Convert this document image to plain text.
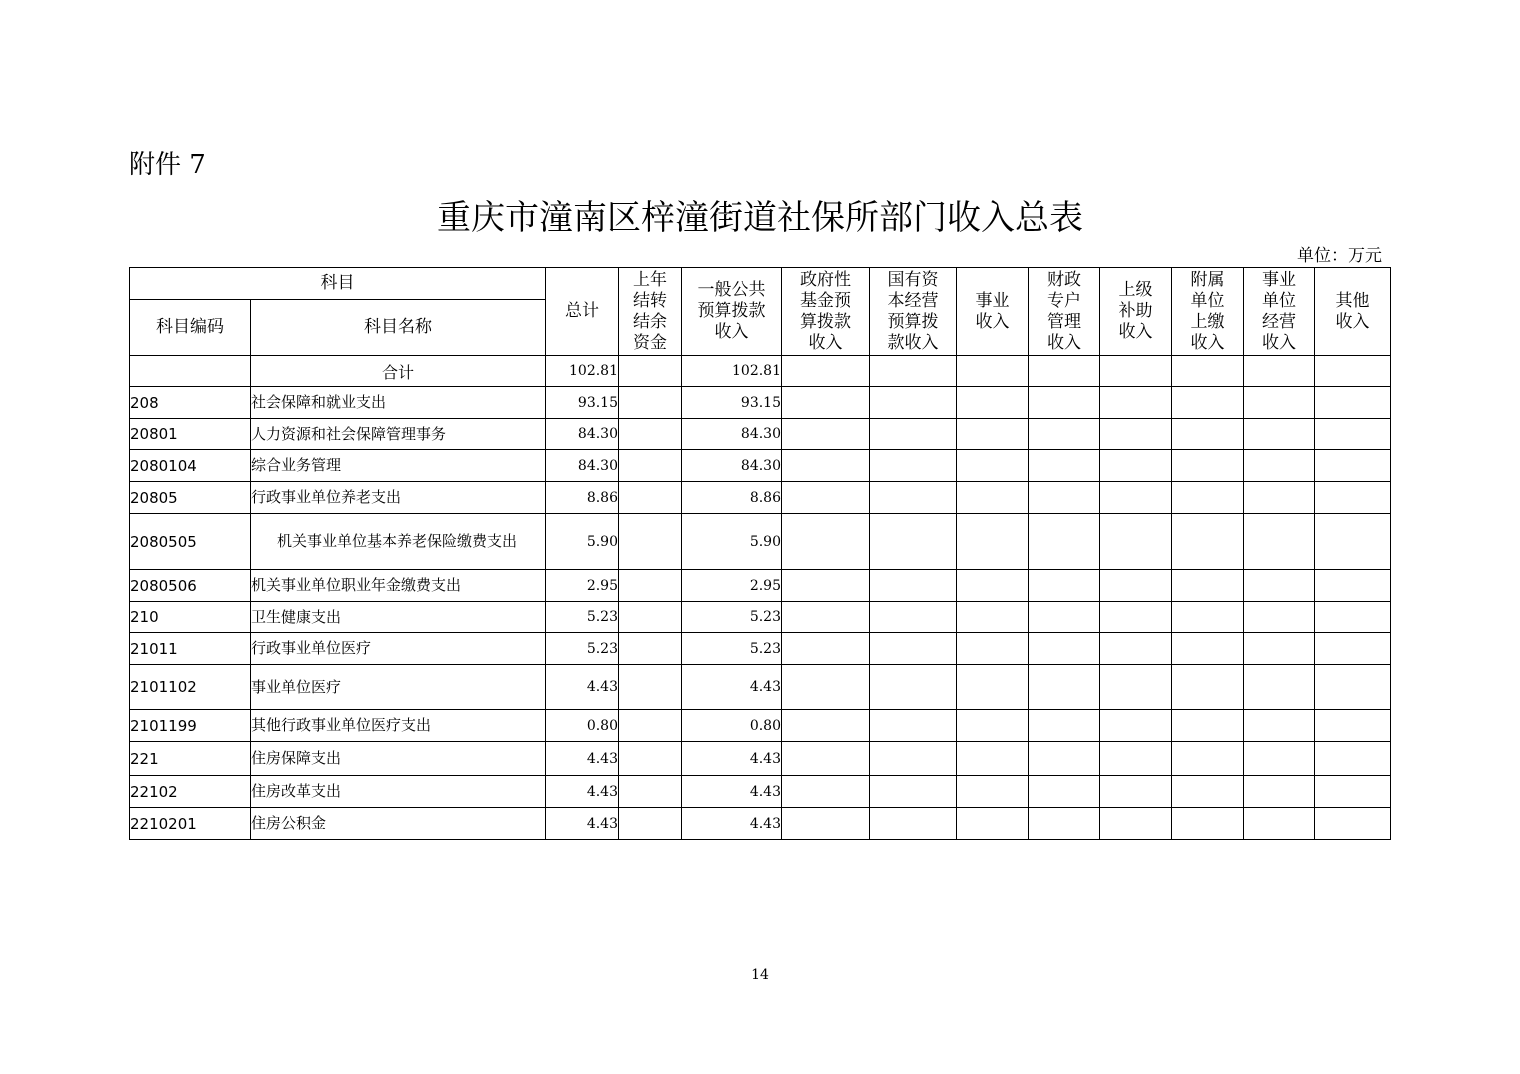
附件 7
重庆市潼南区梓潼街道社保所部门收入总表
单位：万元
科目		总计	上年结转结余资金	一般公共预算拨款收入	政府性基金预算拨款收入	国有资本经营预算拨款收入	事业收入	财政专户管理收入	上级补助收入	附属单位上缴收入	事业单位经营收入	其他收入

科目编码	科目名称											
	合计	102.81		102.81								
208	社会保障和就业支出	93.15		93.15								
20801	人力资源和社会保障管理事务	84.30		84.30								
2080104	综合业务管理	84.30		84.30								
20805	行政事业单位养老支出	8.86		8.86								
2080505	机关事业单位基本养老保险缴费支出	5.90		5.90								
2080506	机关事业单位职业年金缴费支出	2.95		2.95								
210	卫生健康支出	5.23		5.23								
21011	行政事业单位医疗	5.23		5.23								
2101102	事业单位医疗	4.43		4.43								
2101199	其他行政事业单位医疗支出	0.80		0.80								
221	住房保障支出	4.43		4.43								
22102	住房改革支出	4.43		4.43								
2210201	住房公积金	4.43		4.43								
14
